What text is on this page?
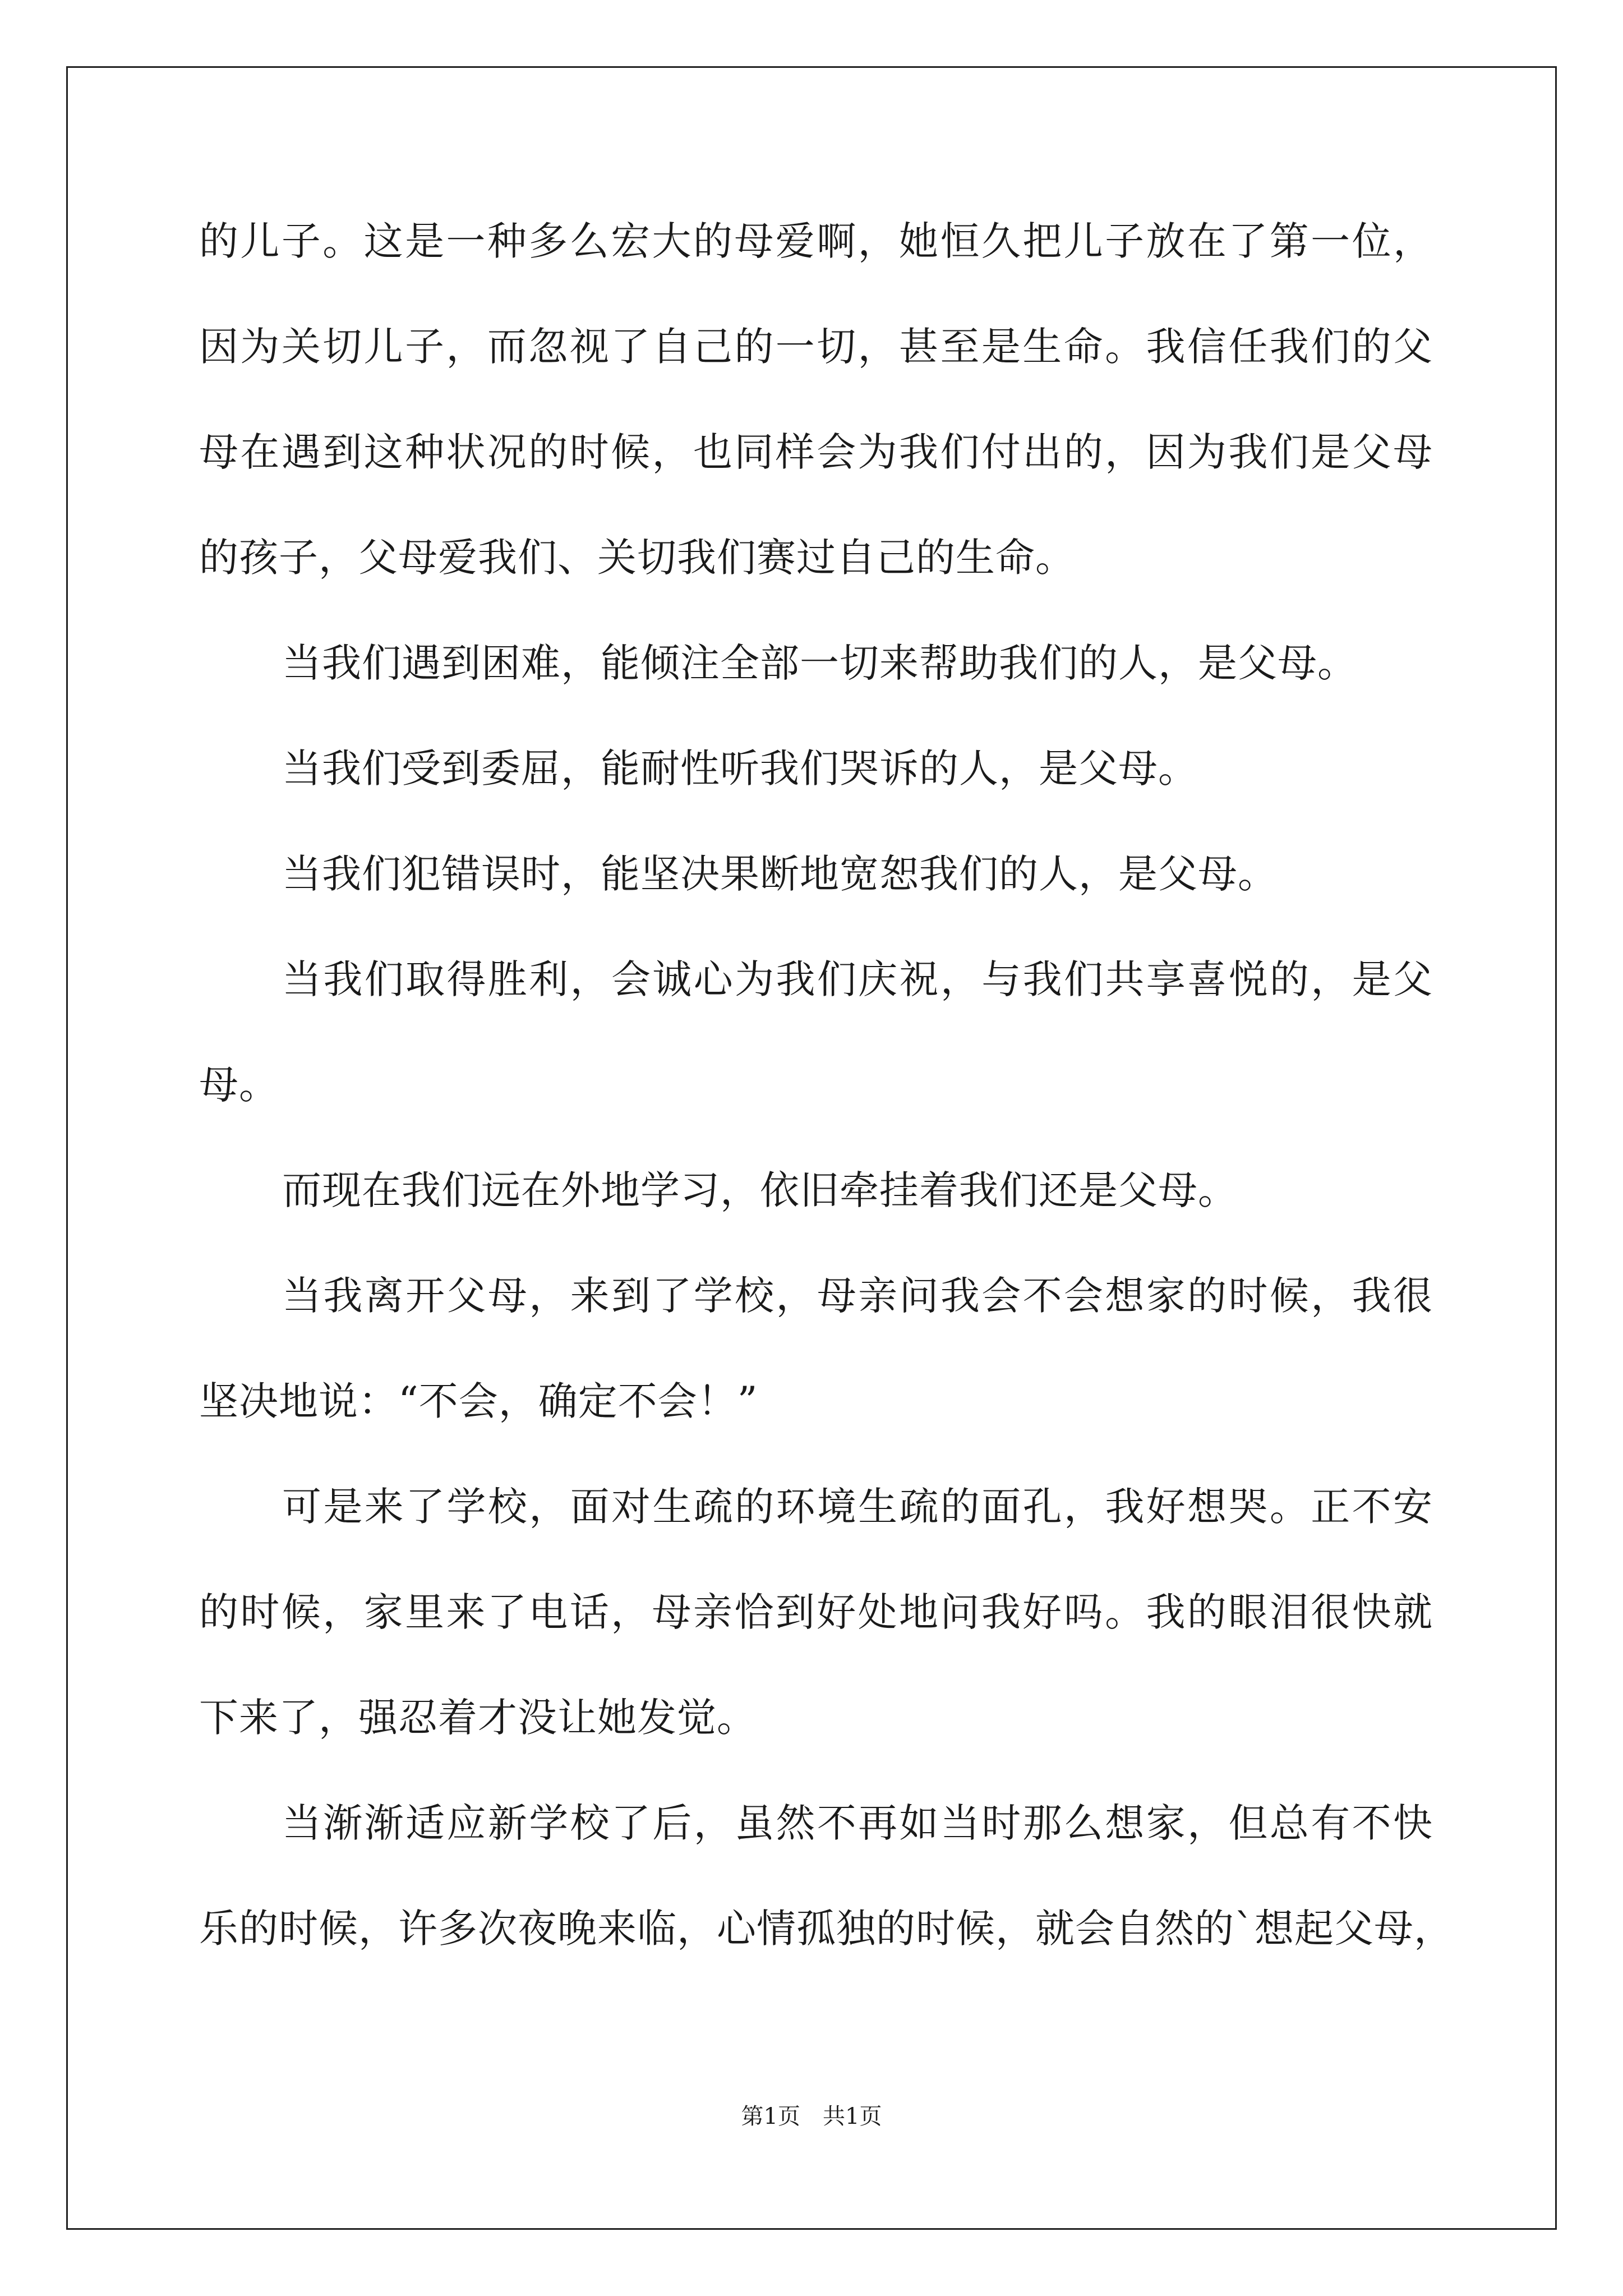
的儿子。这是一种多么宏大的母爱啊，她恒久把儿子放在了第一位，
因为关切儿子，而忽视了自己的一切，甚至是生命。我信任我们的父
母在遇到这种状况的时候，也同样会为我们付出的，因为我们是父母
的孩子，父母爱我们、关切我们赛过自己的生命。
当我们遇到困难，能倾注全部一切来帮助我们的人，是父母。
当我们受到委屈，能耐性听我们哭诉的人，是父母。
当我们犯错误时，能坚决果断地宽恕我们的人，是父母。
当我们取得胜利，会诚心为我们庆祝，与我们共享喜悦的，是父
母。
而现在我们远在外地学习，依旧牵挂着我们还是父母。
当我离开父母，来到了学校，母亲问我会不会想家的时候，我很
坚决地说：“不会，确定不会！”
可是来了学校，面对生疏的环境生疏的面孔，我好想哭。正不安
的时候，家里来了电话，母亲恰到好处地问我好吗。我的眼泪很快就
下来了，强忍着才没让她发觉。
当渐渐适应新学校了后，虽然不再如当时那么想家，但总有不快
乐的时候，许多次夜晚来临，心情孤独的时候，就会自然的`想起父母，
第1页 共1页
